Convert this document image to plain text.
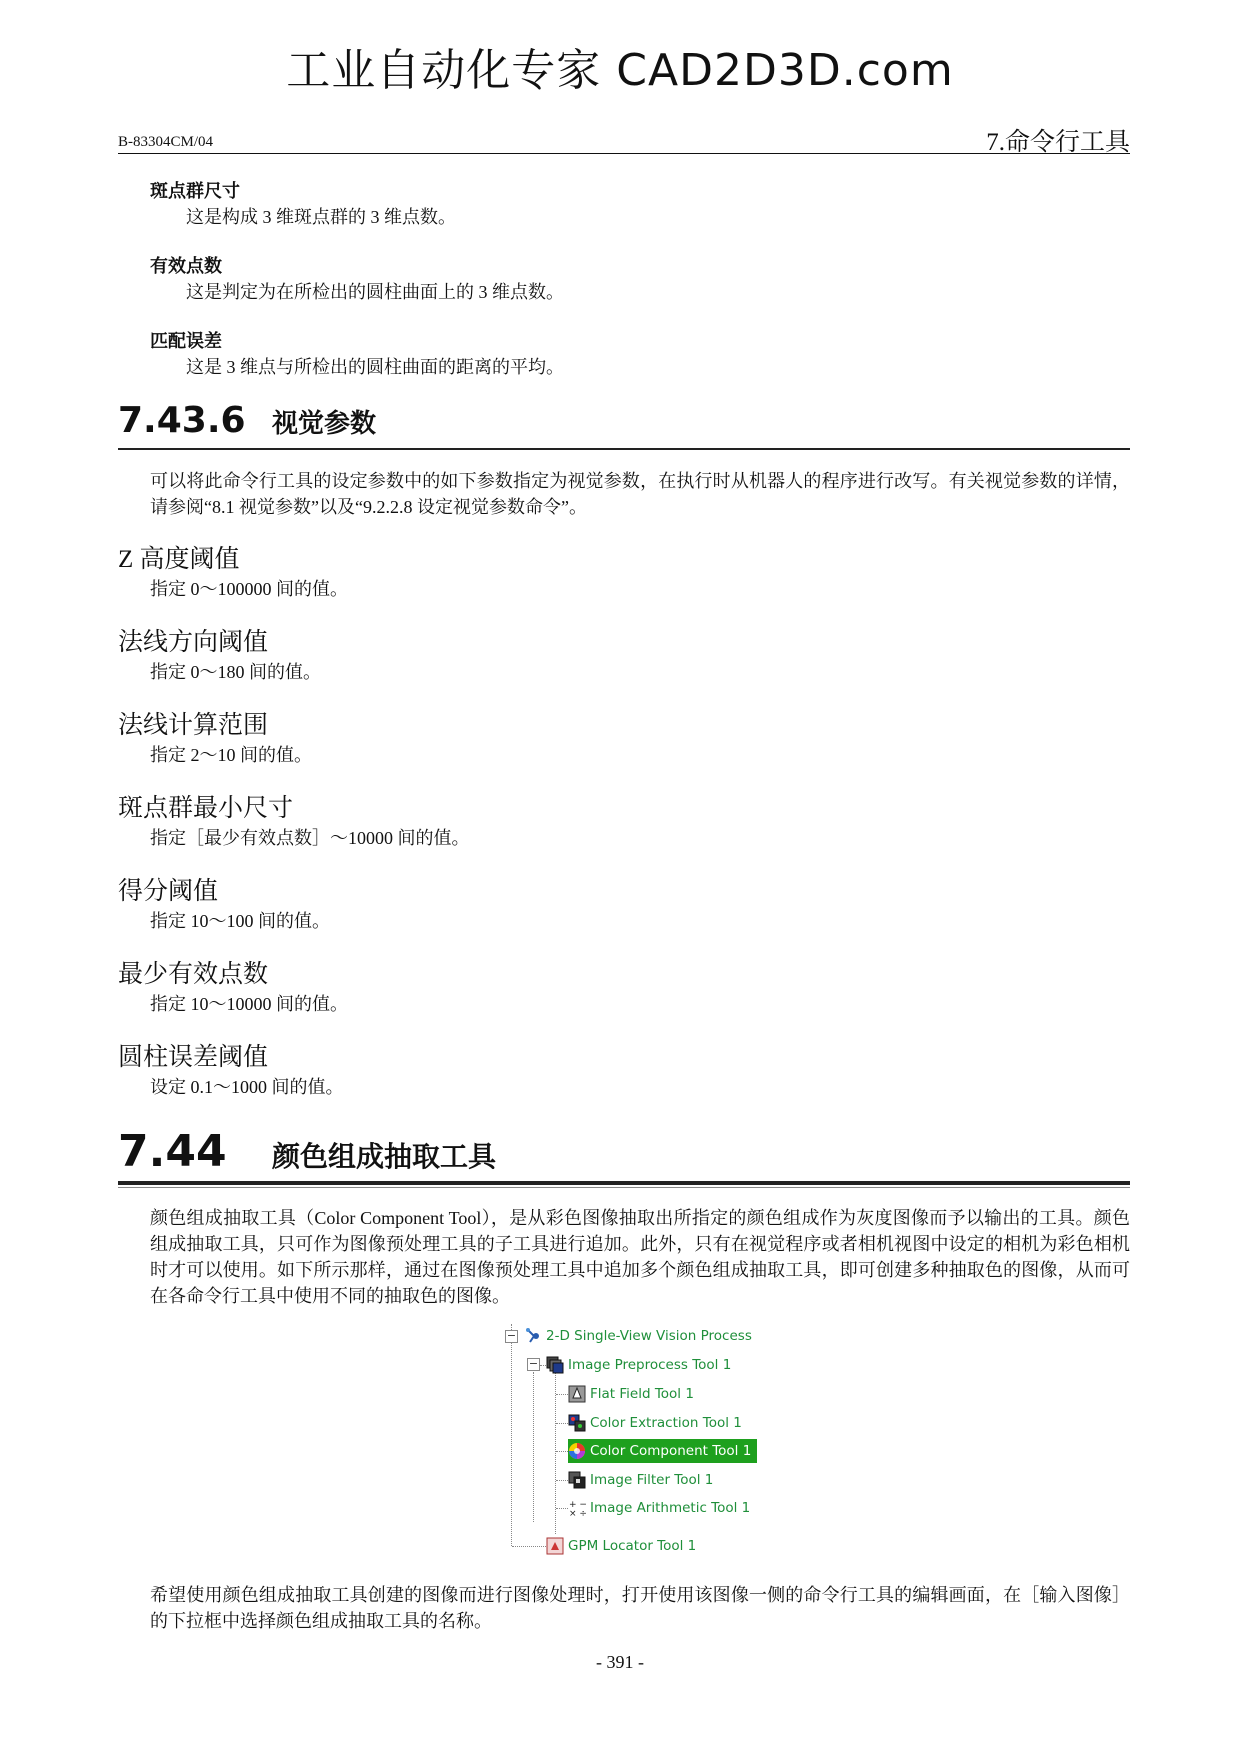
工业自动化专家 CAD2D3D.com
B-83304CM/04	7.命令行工具
斑点群尺寸
这是构成 3 维斑点群的 3 维点数。
有效点数
这是判定为在所检出的圆柱曲面上的 3 维点数。
匹配误差
这是 3 维点与所检出的圆柱曲面的距离的平均。
7.43.6 视觉参数
可以将此命令行工具的设定参数中的如下参数指定为视觉参数，在执行时从机器人的程序进行改写。有关视觉参数的详情，请参阅“8.1 视觉参数”以及“9.2.2.8 设定视觉参数命令”。
Z 高度阈值
指定 0～100000 间的值。
法线方向阈值
指定 0～180 间的值。
法线计算范围
指定 2～10 间的值。
斑点群最小尺寸
指定［最少有效点数］～10000 间的值。
得分阈值
指定 10～100 间的值。
最少有效点数
指定 10～10000 间的值。
圆柱误差阈值
设定 0.1～1000 间的值。
7.44 颜色组成抽取工具
颜色组成抽取工具（Color Component Tool），是从彩色图像抽取出所指定的颜色组成作为灰度图像而予以输出的工具。颜色组成抽取工具，只可作为图像预处理工具的子工具进行追加。此外，只有在视觉程序或者相机视图中设定的相机为彩色相机时才可以使用。如下所示那样，通过在图像预处理工具中追加多个颜色组成抽取工具，即可创建多种抽取色的图像，从而可在各命令行工具中使用不同的抽取色的图像。
−
−
2-D Single-View Vision Process
Image Preprocess Tool 1
Flat Field Tool 1
Color Extraction Tool 1
Color Component Tool 1
Image Filter Tool 1
+ −
× ÷ Image Arithmetic Tool 1
GPM Locator Tool 1
希望使用颜色组成抽取工具创建的图像而进行图像处理时，打开使用该图像一侧的命令行工具的编辑画面，在［输入图像］的下拉框中选择颜色组成抽取工具的名称。
- 391 -
